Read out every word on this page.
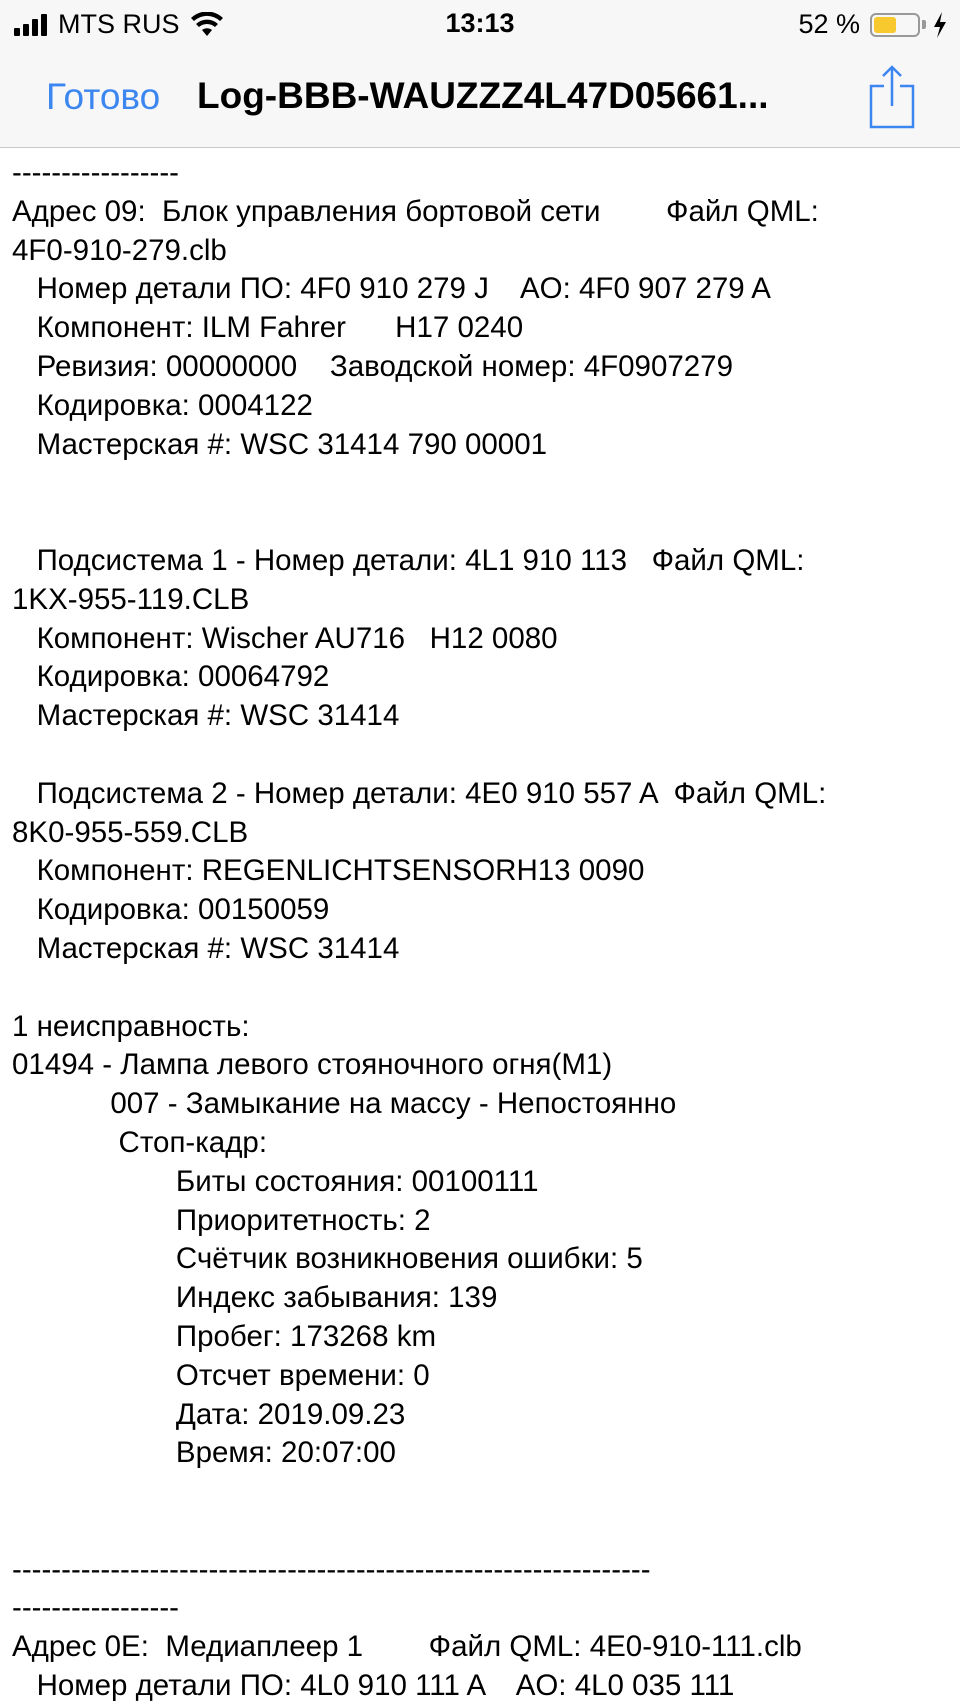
MTS RUS	13:13	52 %
Готово Log-BBB-WAUZZZ4L47D05661...
-----------------
Адрес 09:  Блок управления бортовой сети        Файл QML:
4F0-910-279.clb
Номер детали ПО: 4F0 910 279 J    AO: 4F0 907 279 A
Компонент: ILM Fahrer      H17 0240
Ревизия: 00000000    Заводской номер: 4F0907279
Кодировка: 0004122
Мастерская #: WSC 31414 790 00001
Подсистема 1 - Номер детали: 4L1 910 113   Файл QML:
1KX-955-119.CLB
Компонент: Wischer AU716   H12 0080
Кодировка: 00064792
Мастерская #: WSC 31414
Подсистема 2 - Номер детали: 4E0 910 557 A  Файл QML:
8K0-955-559.CLB
Компонент: REGENLICHTSENSORH13 0090
Кодировка: 00150059
Мастерская #: WSC 31414
1 неисправность:
01494 - Лампа левого стояночного огня(M1)
007 - Замыкание на массу - Непостоянно
Стоп-кадр:
Биты состояния: 00100111
Приоритетность: 2
Счётчик возникновения ошибки: 5
Индекс забывания: 139
Пробег: 173268 km
Отсчет времени: 0
Дата: 2019.09.23
Время: 20:07:00
-----------------------------------------------------------------
-----------------
Адрес 0E:  Медиаплеер 1        Файл QML: 4E0-910-111.clb
Номер детали ПО: 4L0 910 111 A    AO: 4L0 035 111
